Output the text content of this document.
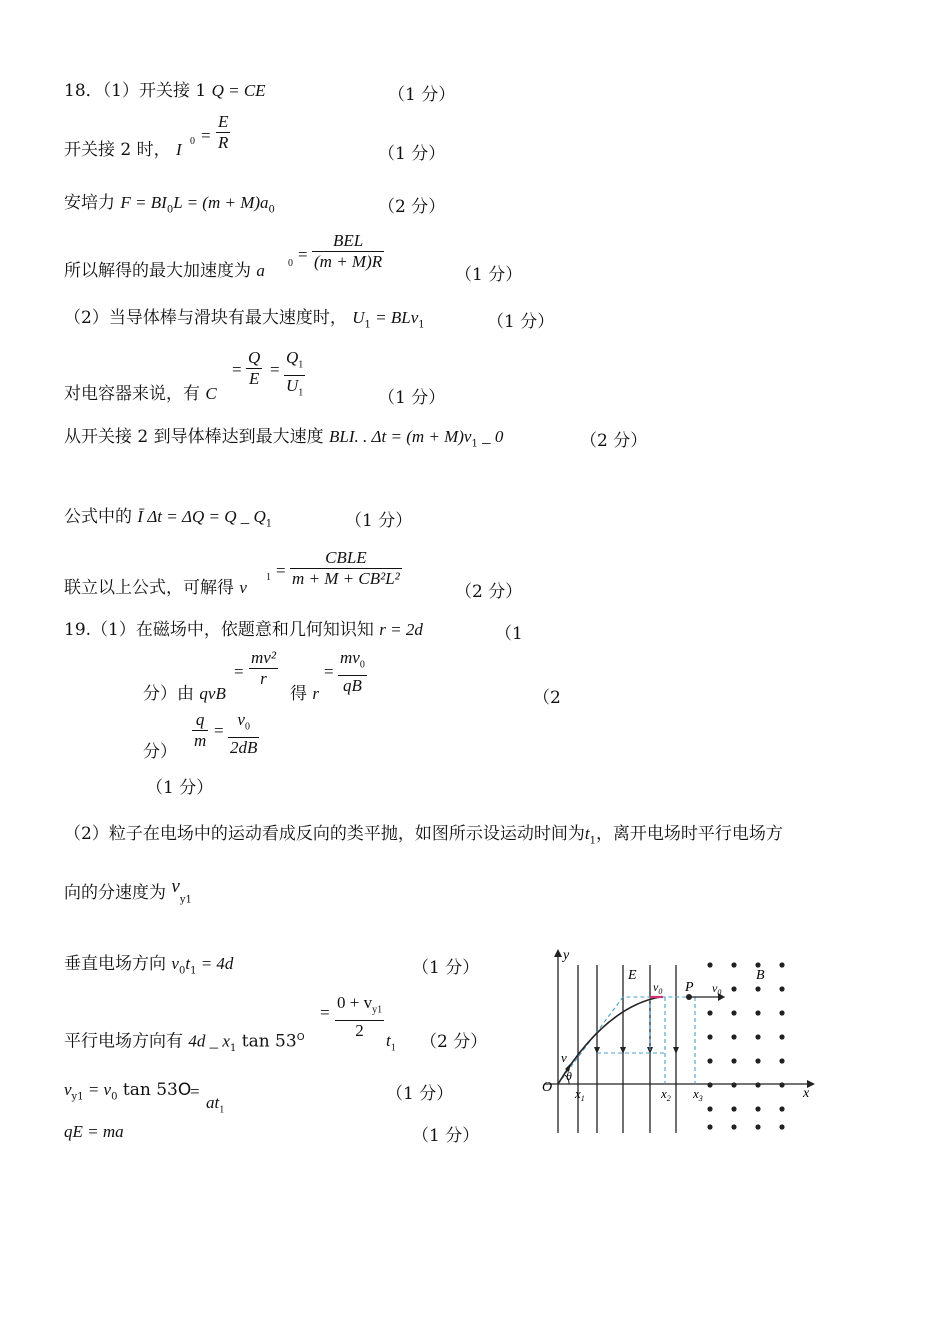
18．（1）开关接 1 Q = CE	（1 分）
开关接 2 时， I 0 =
E
R
（1 分）
安培力 $F = BI_0L = (m + M)a_0$	（2 分）
所以解得的最大加速度为 a 0 =
BEL
(m + M)R
（1 分）
（2）当导体棒与滑块有最大速度时， $U_1 = BLv_1$	（1 分）
对电容器来说，有 C
=
Q
E =
$Q_1$
$U_1$	（1 分）
从开关接 2 到导体棒达到最大速度 BLI. . $\Delta t = (m + M)v_1$ _ 0	（2 分）
公式中的 Ī Δt = ΔQ = Q _ $Q_1$	（1 分）
联立以上公式，可解得 v
1 =
CBLE
m + M + CB²L²
（2 分）
19.（1）在磁场中，依题意和几何知识知 r = 2d	（1
分）由 qvB
=
mv²
r
得 r
=
$mv_0$
qB
（2
分）
q
m
=
$v_0$
2dB
（1 分）
（2）粒子在电场中的运动看成反向的类平抛，如图所示设运动时间为$t_1$，离开电场时平行电场方
向的分速度为 $v_{y1}$
垂直电场方向 $v_0t_1 = 4d$	（1 分）
平行电场方向有 4d _ $x_1$ $\tan 53^O$
=
$0 + v_{y1}$
2
$t_1$ （2 分）
$v_{y1} = v_0$ tan 53O
=
$at_1$
（1 分）
qE = ma	（1 分）
y
x
O
E	B
P
$v_0$	$v_0$
v
θ
$x_1$	$x_2$ $x_3$
